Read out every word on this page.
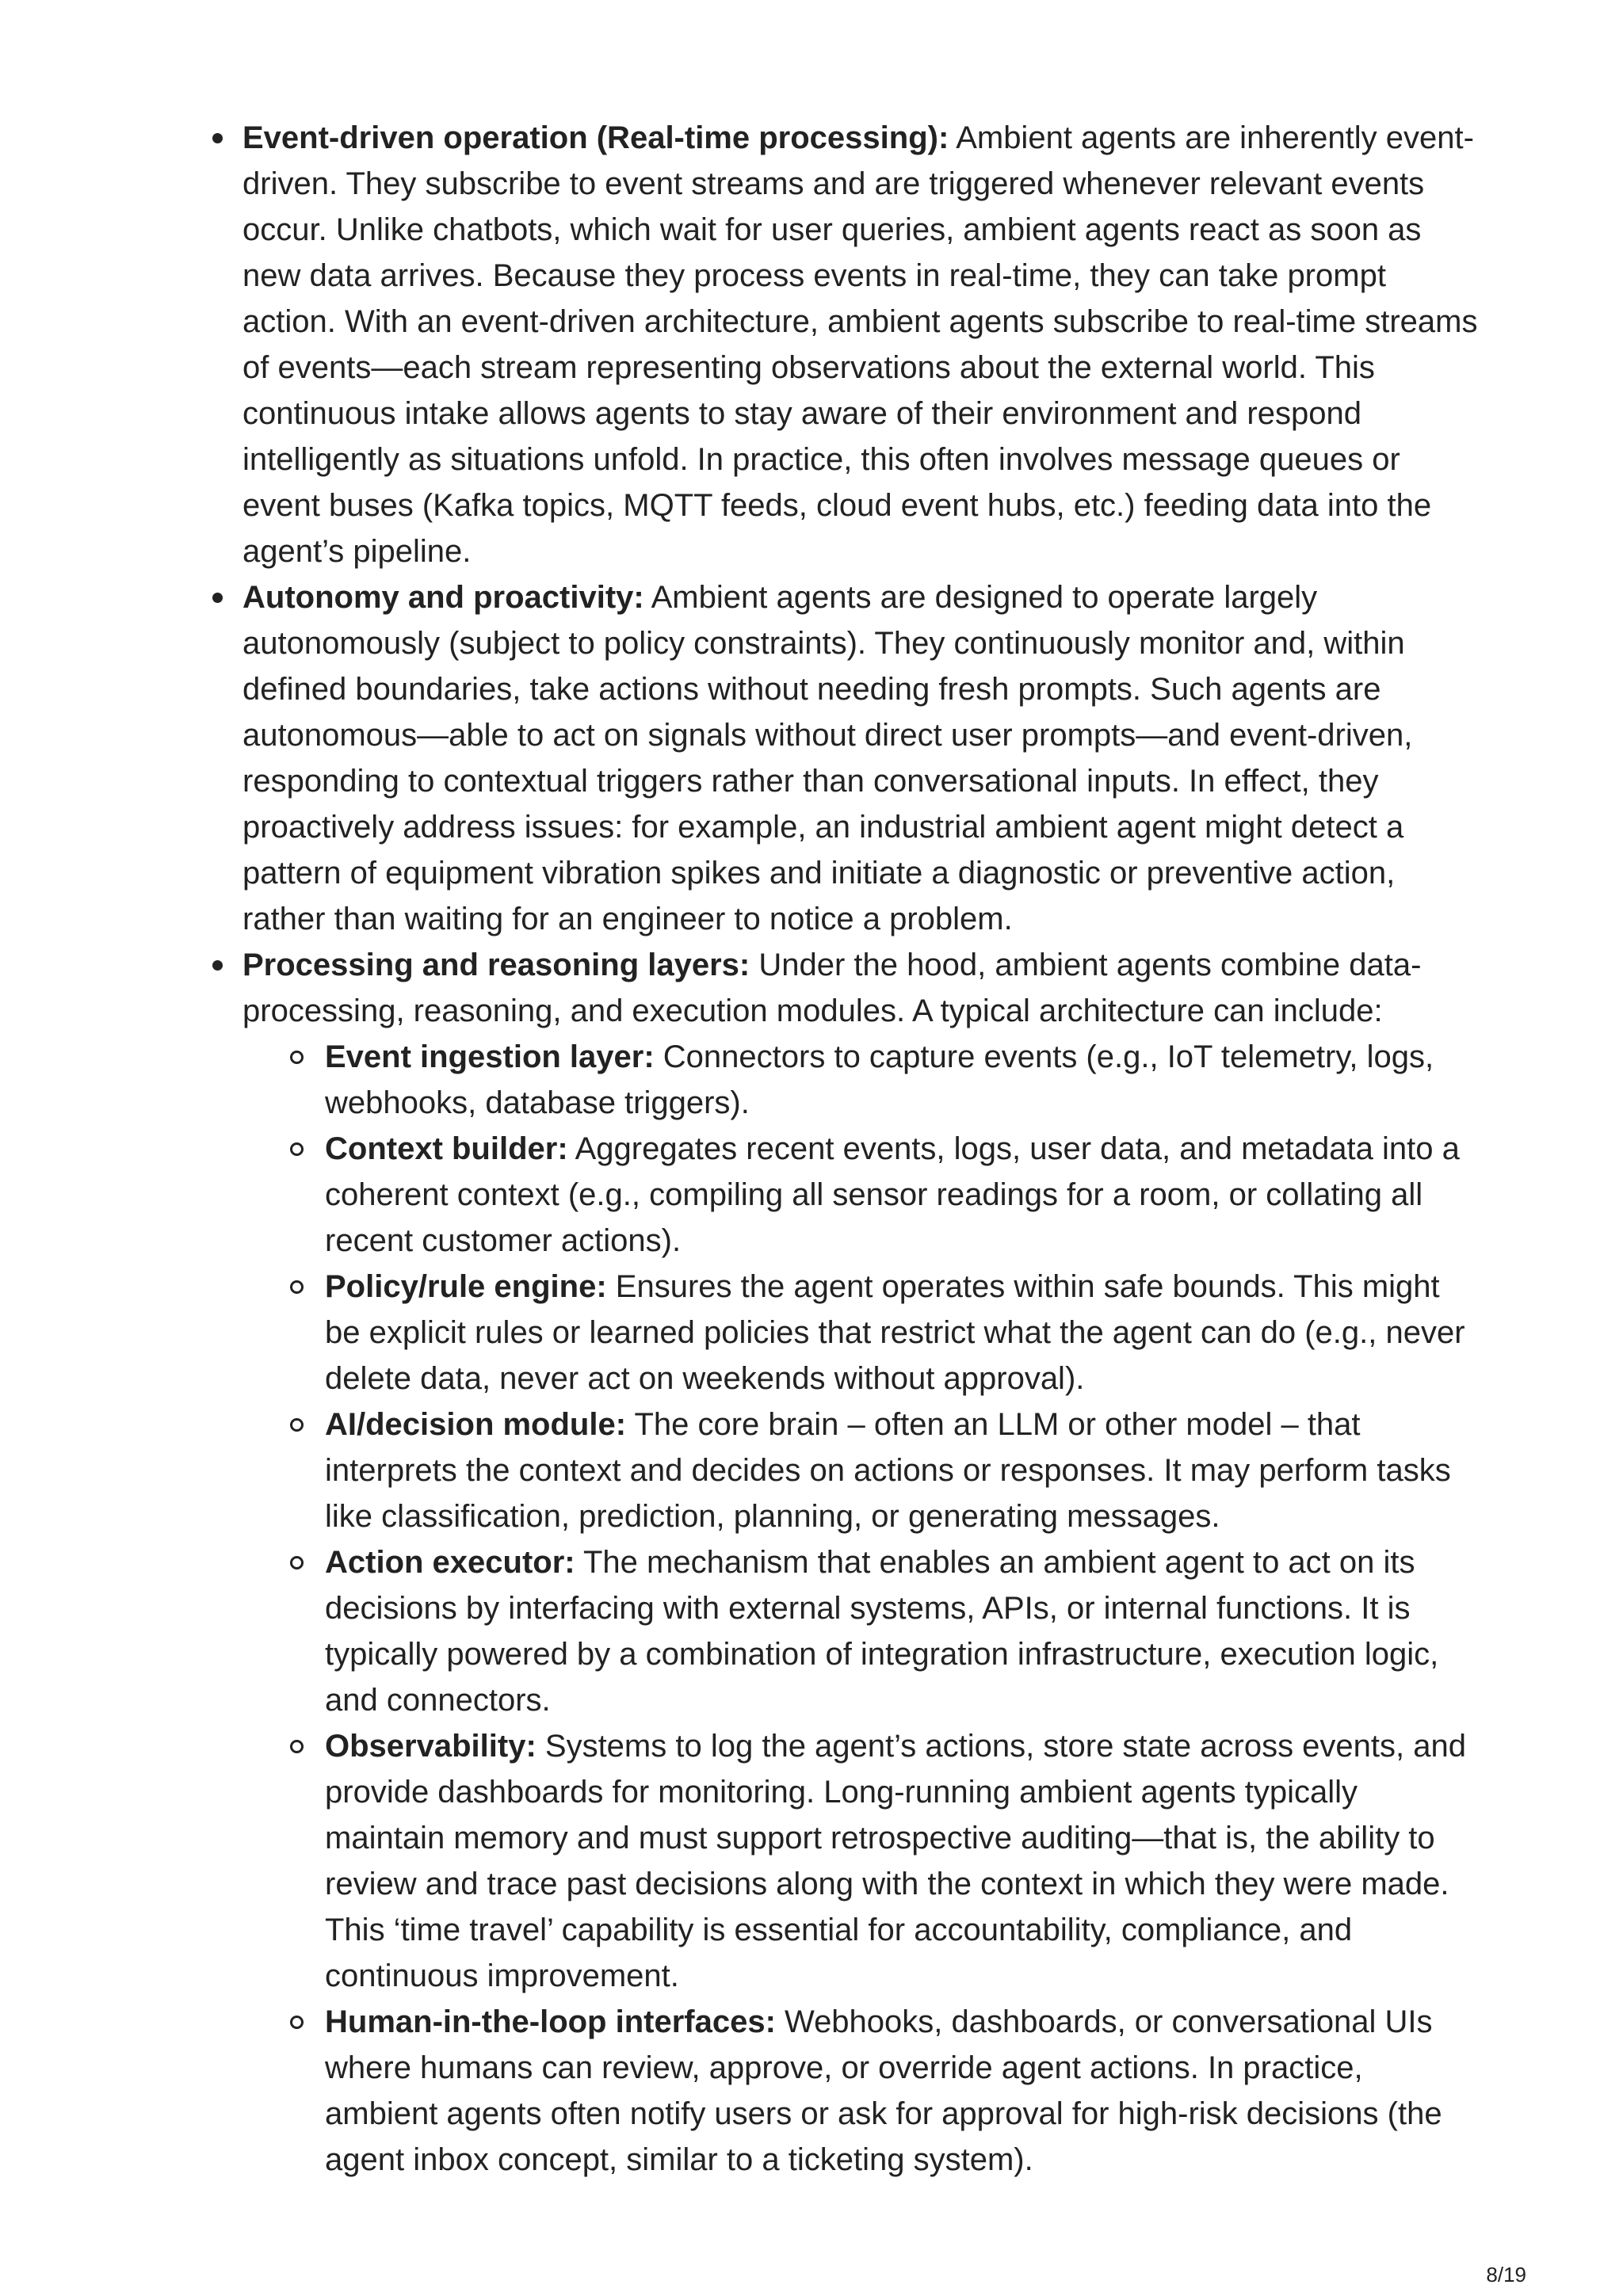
Event-driven operation (Real-time processing): Ambient agents are inherently event-driven. They subscribe to event streams and are triggered whenever relevant events occur. Unlike chatbots, which wait for user queries, ambient agents react as soon as new data arrives. Because they process events in real-time, they can take prompt action. With an event-driven architecture, ambient agents subscribe to real-time streams of events—each stream representing observations about the external world. This continuous intake allows agents to stay aware of their environment and respond intelligently as situations unfold. In practice, this often involves message queues or event buses (Kafka topics, MQTT feeds, cloud event hubs, etc.) feeding data into the agent’s pipeline.
Autonomy and proactivity: Ambient agents are designed to operate largely autonomously (subject to policy constraints). They continuously monitor and, within defined boundaries, take actions without needing fresh prompts. Such agents are autonomous—able to act on signals without direct user prompts—and event-driven, responding to contextual triggers rather than conversational inputs. In effect, they proactively address issues: for example, an industrial ambient agent might detect a pattern of equipment vibration spikes and initiate a diagnostic or preventive action, rather than waiting for an engineer to notice a problem.
Processing and reasoning layers: Under the hood, ambient agents combine data-processing, reasoning, and execution modules. A typical architecture can include:
Event ingestion layer: Connectors to capture events (e.g., IoT telemetry, logs, webhooks, database triggers).
Context builder: Aggregates recent events, logs, user data, and metadata into a coherent context (e.g., compiling all sensor readings for a room, or collating all recent customer actions).
Policy/rule engine: Ensures the agent operates within safe bounds. This might be explicit rules or learned policies that restrict what the agent can do (e.g., never delete data, never act on weekends without approval).
AI/decision module: The core brain – often an LLM or other model – that interprets the context and decides on actions or responses. It may perform tasks like classification, prediction, planning, or generating messages.
Action executor: The mechanism that enables an ambient agent to act on its decisions by interfacing with external systems, APIs, or internal functions. It is typically powered by a combination of integration infrastructure, execution logic, and connectors.
Observability: Systems to log the agent’s actions, store state across events, and provide dashboards for monitoring. Long-running ambient agents typically maintain memory and must support retrospective auditing—that is, the ability to review and trace past decisions along with the context in which they were made. This ‘time travel’ capability is essential for accountability, compliance, and continuous improvement.
Human-in-the-loop interfaces: Webhooks, dashboards, or conversational UIs where humans can review, approve, or override agent actions. In practice, ambient agents often notify users or ask for approval for high-risk decisions (the agent inbox concept, similar to a ticketing system).
8/19
